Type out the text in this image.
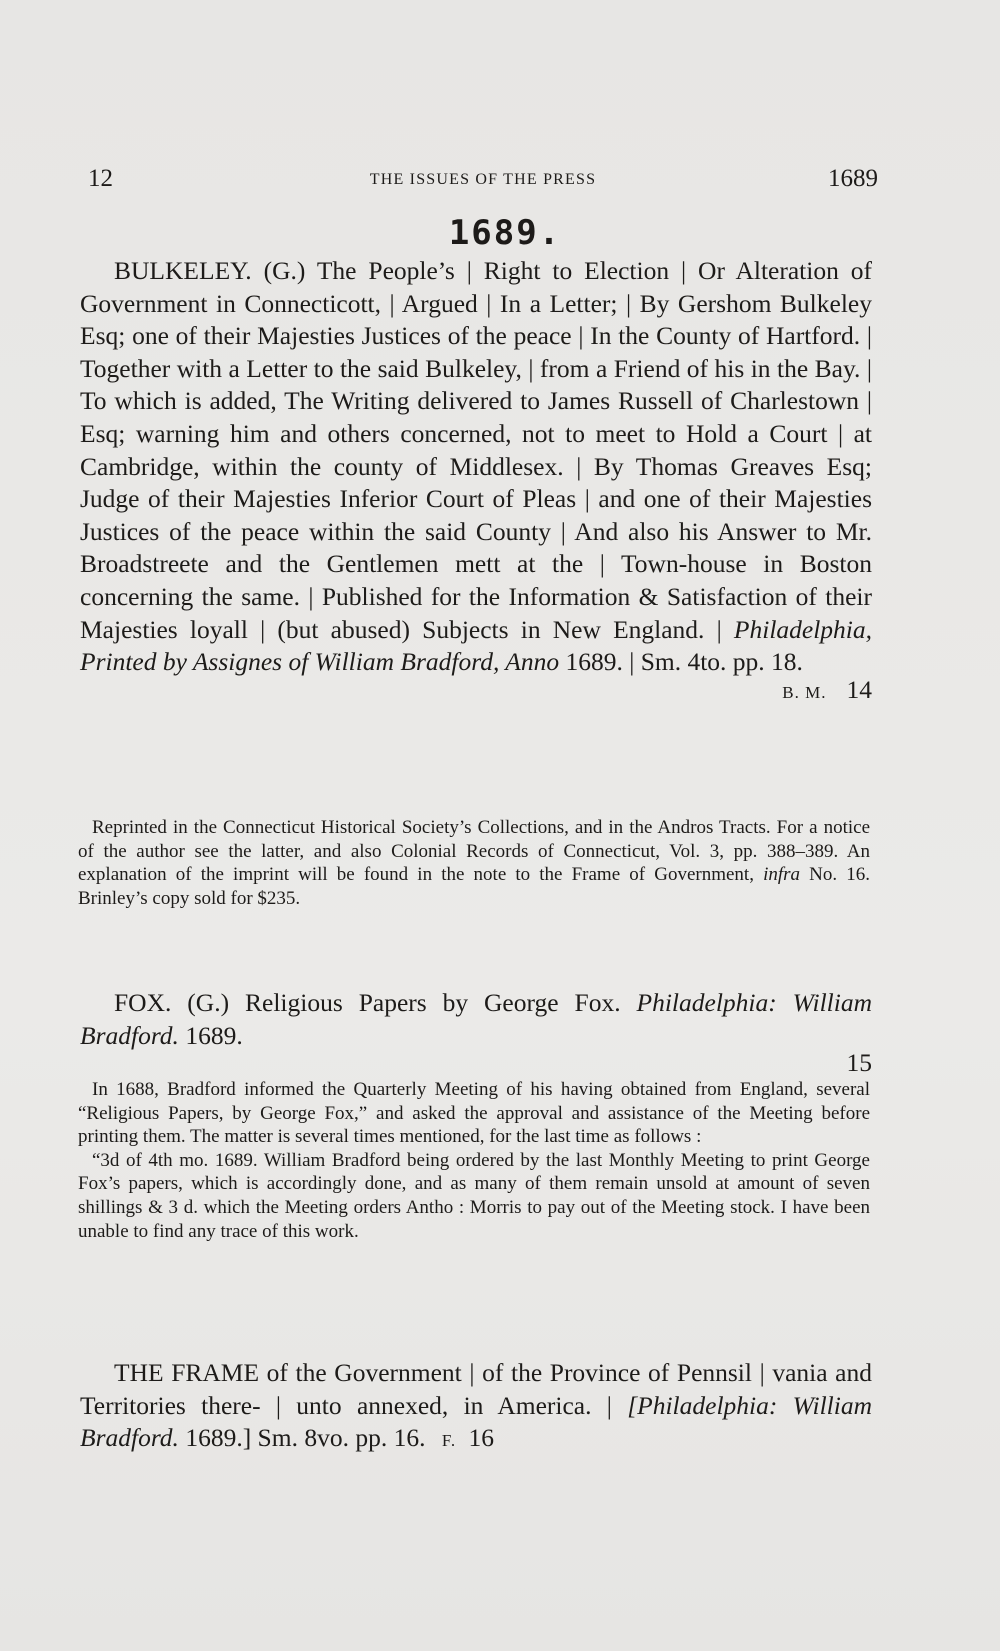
12	THE ISSUES OF THE PRESS	1689
1689.
BULKELEY. (G.) The People’s | Right to Election | Or Alteration of Government in Connecticott, | Argued | In a Letter; | By Gershom Bulkeley Esq; one of their Majesties Justices of the peace | In the County of Hartford. | Together with a Letter to the said Bulkeley, | from a Friend of his in the Bay. | To which is added, The Writing delivered to James Russell of Charlestown | Esq; warning him and others concerned, not to meet to Hold a Court | at Cambridge, within the county of Middlesex. | By Thomas Greaves Esq; Judge of their Majesties Inferior Court of Pleas | and one of their Majesties Justices of the peace within the said County | And also his Answer to Mr. Broadstreete and the Gentlemen mett at the | Town-house in Boston concerning the same. | Published for the Information & Satisfaction of their Majesties loyall | (but abused) Subjects in New England. | Philadelphia, Printed by Assignes of William Bradford, Anno 1689. | Sm. 4to. pp. 18.
B. M. 14

Reprinted in the Connecticut Historical Society’s Collections, and in the Andros Tracts. For a notice of the author see the latter, and also Colonial Records of Connecticut, Vol. 3, pp. 388–389. An explanation of the imprint will be found in the note to the Frame of Government, infra No. 16. Brinley’s copy sold for $235.

FOX. (G.) Religious Papers by George Fox. Philadelphia: William Bradford. 1689.
15

In 1688, Bradford informed the Quarterly Meeting of his having obtained from England, several “Religious Papers, by George Fox,” and asked the approval and assistance of the Meeting before printing them. The matter is several times mentioned, for the last time as follows :

“3d of 4th mo. 1689. William Bradford being ordered by the last Monthly Meeting to print George Fox’s papers, which is accordingly done, and as many of them remain unsold at amount of seven shillings & 3 d. which the Meeting orders Antho : Morris to pay out of the Meeting stock. I have been unable to find any trace of this work.

THE FRAME of the Government | of the Province of Pennsil | vania and Territories there- | unto annexed, in America. | [Philadelphia: William Bradford. 1689.] Sm. 8vo. pp. 16. F. 16
